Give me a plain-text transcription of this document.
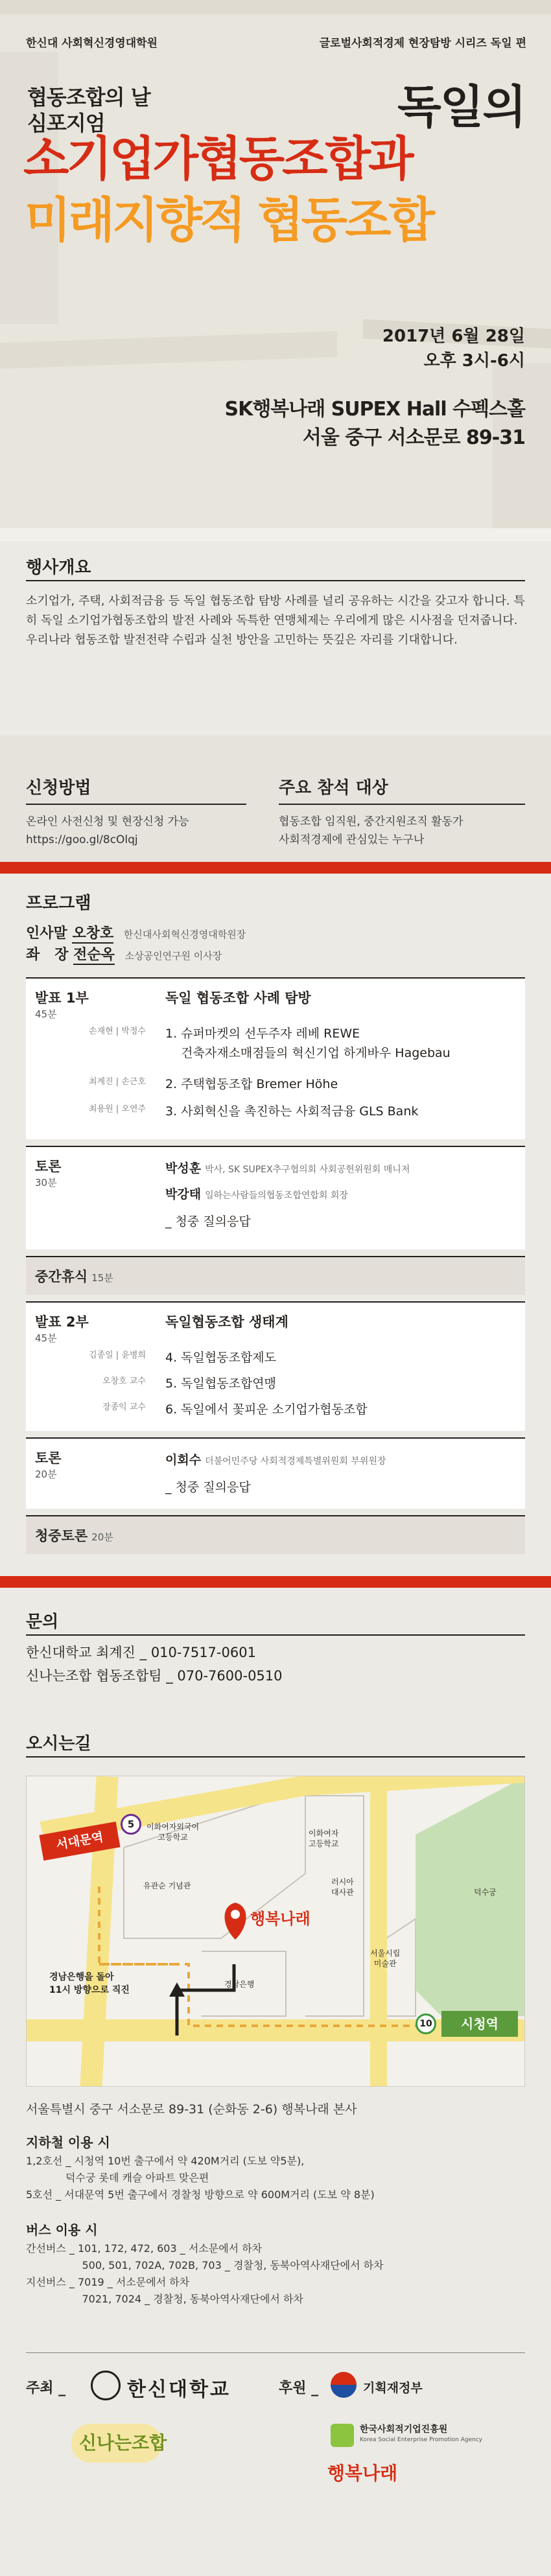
한신대 사회혁신경영대학원	글로벌사회적경제 현장탐방 시리즈 독일 편
협동조합의 날
심포지엄	독일의
소기업가협동조합과
미래지향적 협동조합
2017년 6월 28일
오후 3시-6시
SK행복나래 SUPEX Hall 수펙스홀
서울 중구 서소문로 89-31
행사개요
소기업가, 주택, 사회적금융 등 독일 협동조합 탐방 사례를 널리 공유하는 시간을 갖고자 합니다. 특히 독일 소기업가협동조합의 발전 사례와 독특한 연맹체제는 우리에게 많은 시사점을 던져줍니다. 우리나라 협동조합 발전전략 수립과 실천 방안을 고민하는 뜻깊은 자리를 기대합니다.
신청방법
온라인 사전신청 및 현장신청 가능
https://goo.gl/8cOlqj
주요 참석 대상
협동조합 임직원, 중간지원조직 활동가
사회적경제에 관심있는 누구나
프로그램
인사말 오창호 한신대사회혁신경영대학원장
좌   장 전순옥 소상공인연구원 이사장
발표 1부
45분
독일 협동조합 사례 탐방
손재현 | 박정수 1. 슈퍼마켓의 선두주자 레베 REWE
건축자재소매점들의 혁신기업 하게바우 Hagebau
최계진 | 손근호 2. 주택협동조합 Bremer Höhe
최용원 | 오연주 3. 사회혁신을 촉진하는 사회적금융 GLS Bank
토론
30분
박성훈 박사, SK SUPEX추구협의회 사회공헌위원회 매니저
박강태 일하는사람들의협동조합연합회 회장
_ 청중 질의응답
중간휴식 15분
발표 2부
45분
독일협동조합 생태계
김종일 | 윤병희 4. 독일협동조합제도
오창호 교수 5. 독일협동조합연맹
장종익 교수 6. 독일에서 꽃피운 소기업가협동조합
토론
20분
이회수 더불어민주당 사회적경제특별위원회 부위원장
_ 청중 질의응답
청중토론 20분
문의
한신대학교 최계진 _ 010-7517-0601
신나는조합 협동조합팀 _ 070-7600-0510
오시는길
서대문역
5
10	시청역
행복나래
경남은행을 돌아
11시 방향으로 직진
이화여자외국어
고등학교	이화여자
고등학교
유관순 기념관	러시아
대사관	덕수궁
서울시립
미술관
경남은행
서울특별시 중구 서소문로 89-31 (순화동 2-6) 행복나래 본사
지하철 이용 시
1,2호선 _ 시청역 10번 출구에서 약 420M거리 (도보 약5분),
덕수궁 롯데 캐슬 아파트 맞은편
5호선 _ 서대문역 5번 출구에서 경찰청 방향으로 약 600M거리 (도보 약 8분)
버스 이용 시
간선버스 _ 101, 172, 472, 603 _ 서소문에서 하차
500, 501, 702A, 702B, 703 _ 경찰청, 동북아역사재단에서 하차
지선버스 _ 7019 _ 서소문에서 하차
7021, 7024 _ 경찰청, 동북아역사재단에서 하차
주최 _	한신대학교
신나는조합
후원 _	기획재정부
한국사회적기업진흥원
Korea Social Enterprise Promotion Agency
행복나래
